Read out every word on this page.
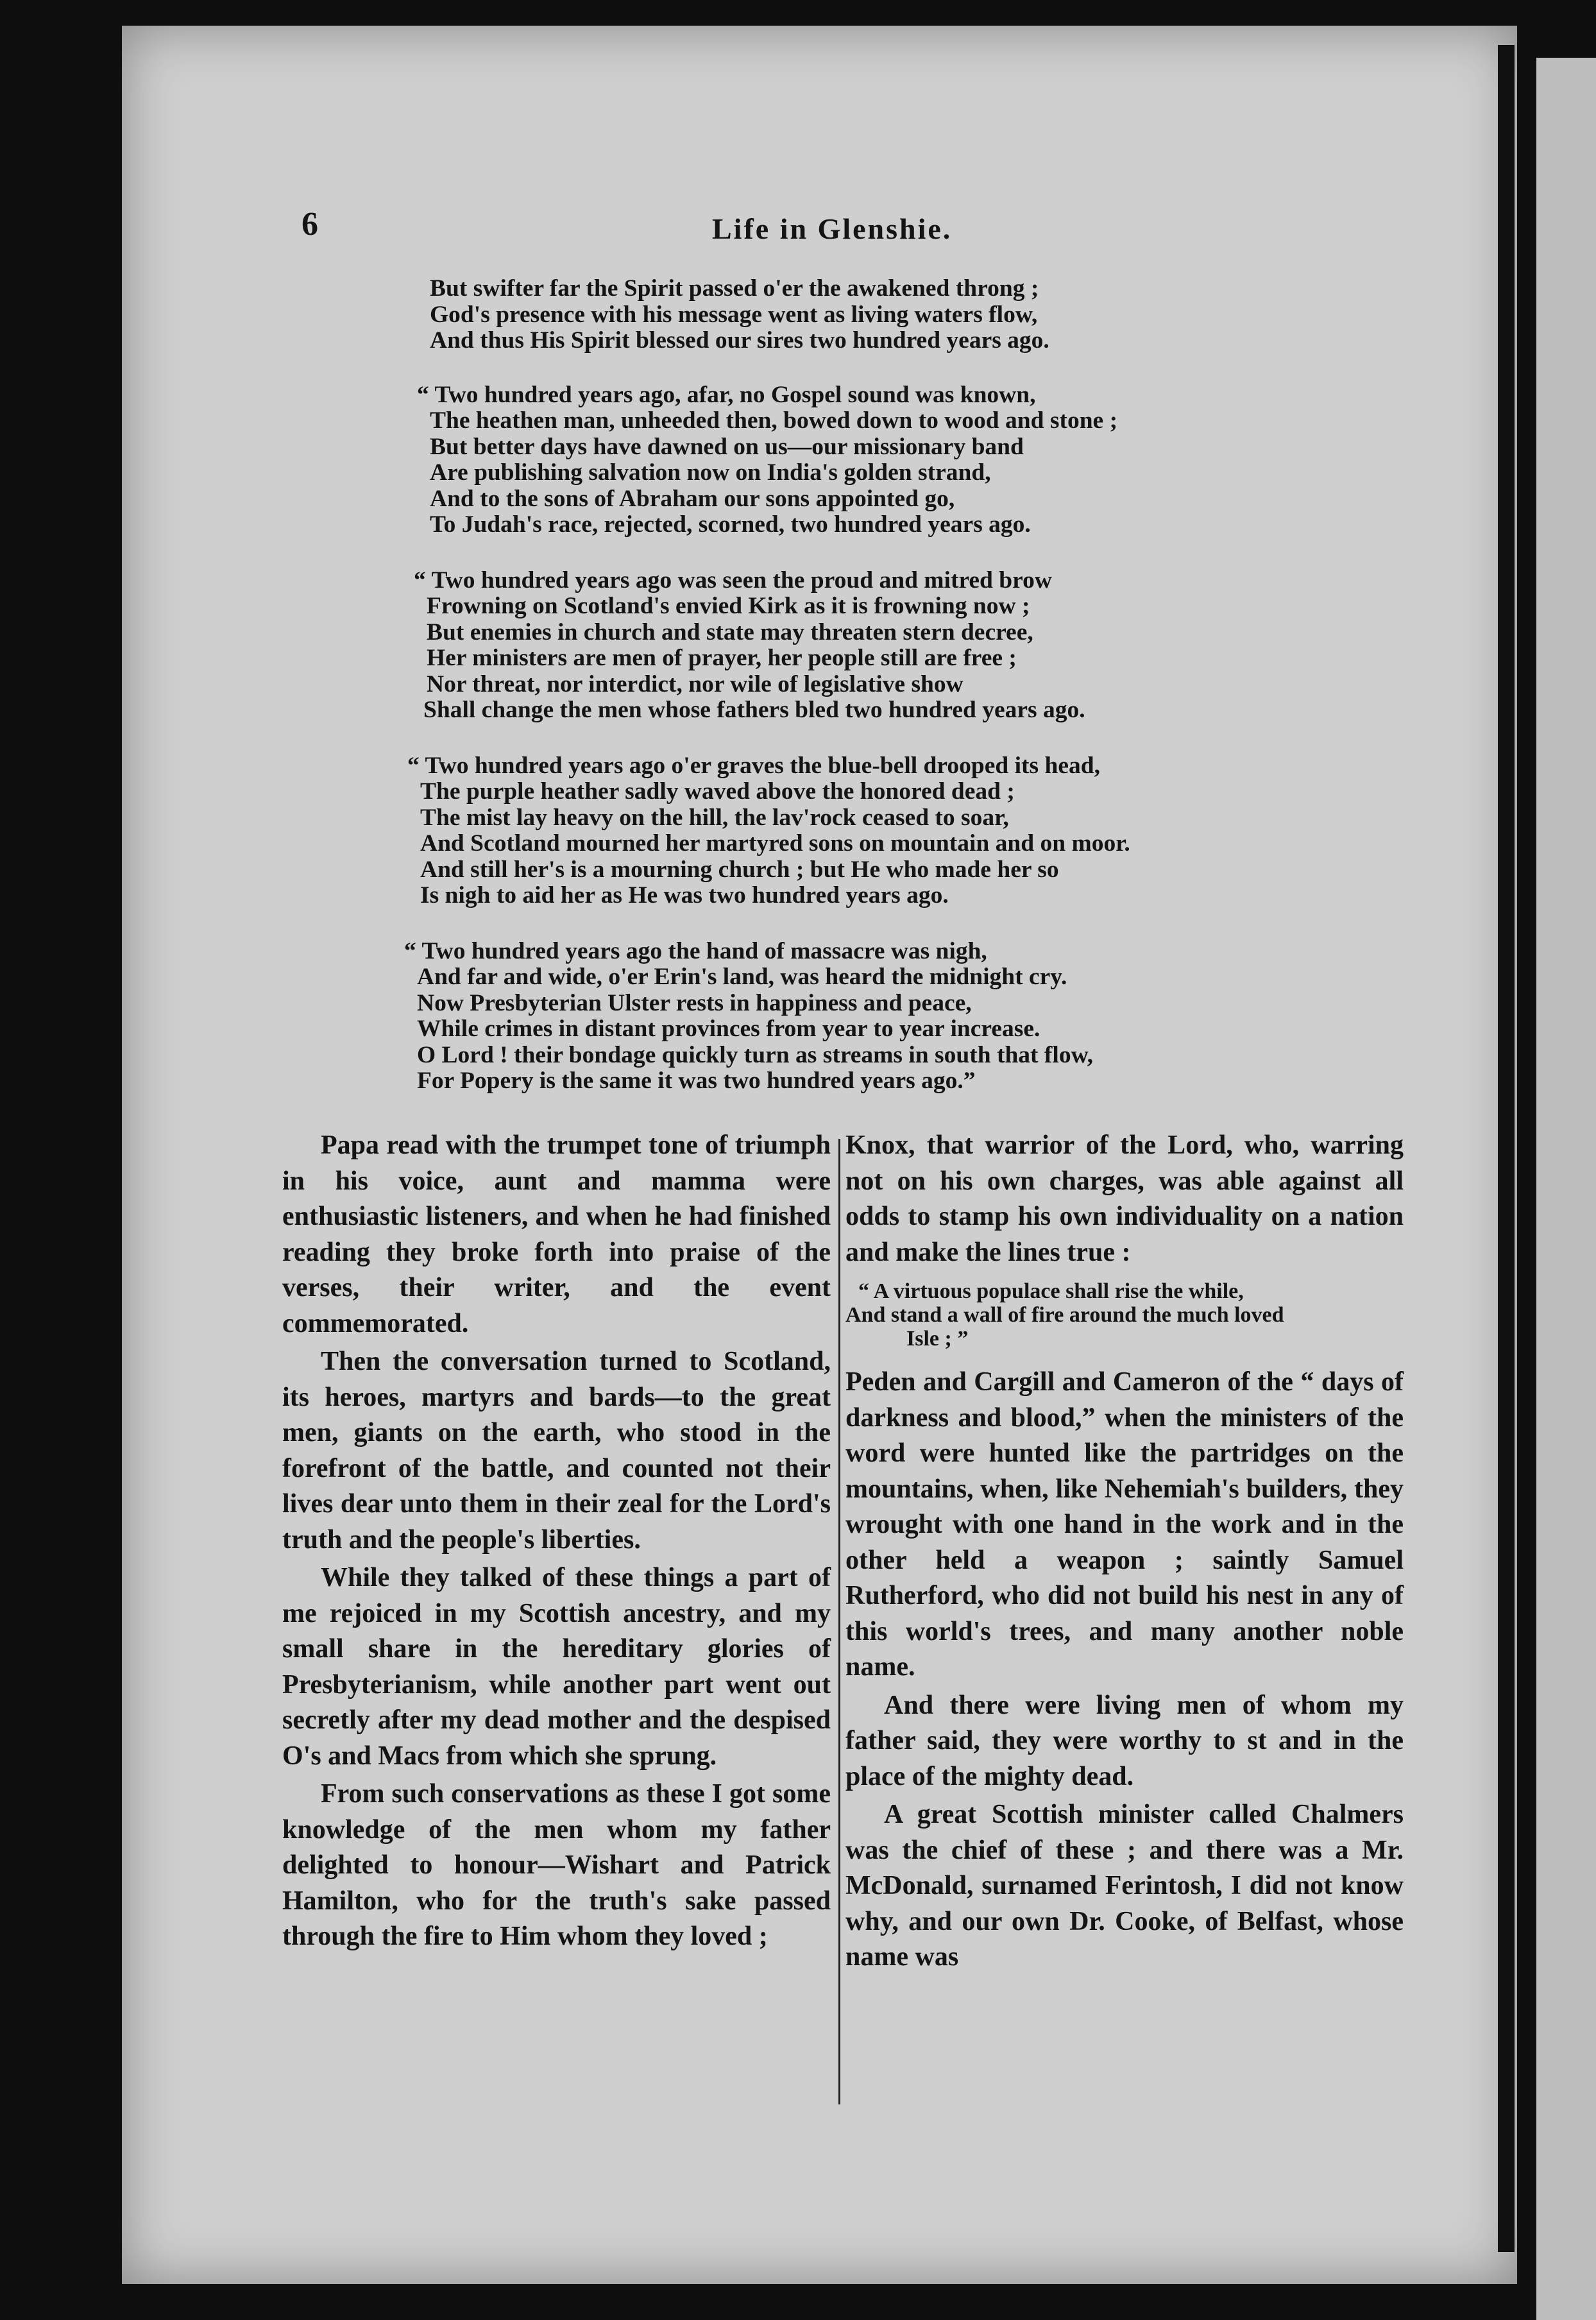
6	Life in Glenshie.
But swifter far the Spirit passed o'er the awakened throng ;
God's presence with his message went as living waters flow,
And thus His Spirit blessed our sires two hundred years ago.
“ Two hundred years ago, afar, no Gospel sound was known,
The heathen man, unheeded then, bowed down to wood and stone ;
But better days have dawned on us—our missionary band
Are publishing salvation now on India's golden strand,
And to the sons of Abraham our sons appointed go,
To Judah's race, rejected, scorned, two hundred years ago.
“ Two hundred years ago was seen the proud and mitred brow
Frowning on Scotland's envied Kirk as it is frowning now ;
But enemies in church and state may threaten stern decree,
Her ministers are men of prayer, her people still are free ;
Nor threat, nor interdict, nor wile of legislative show
Shall change the men whose fathers bled two hundred years ago.
“ Two hundred years ago o'er graves the blue-bell drooped its head,
The purple heather sadly waved above the honored dead ;
The mist lay heavy on the hill, the lav'rock ceased to soar,
And Scotland mourned her martyred sons on mountain and on moor.
And still her's is a mourning church ; but He who made her so
Is nigh to aid her as He was two hundred years ago.
“ Two hundred years ago the hand of massacre was nigh,
And far and wide, o'er Erin's land, was heard the midnight cry.
Now Presbyterian Ulster rests in happiness and peace,
While crimes in distant provinces from year to year increase.
O Lord ! their bondage quickly turn as streams in south that flow,
For Popery is the same it was two hundred years ago.”

Papa read with the trumpet tone of triumph in his voice, aunt and mamma were enthusiastic listeners, and when he had finished reading they broke forth into praise of the verses, their writer, and the event commemorated.

Then the conversation turned to Scotland, its heroes, martyrs and bards—to the great men, giants on the earth, who stood in the forefront of the battle, and counted not their lives dear unto them in their zeal for the Lord's truth and the people's liberties.

While they talked of these things a part of me rejoiced in my Scottish ancestry, and my small share in the hereditary glories of Presbyterianism, while another part went out secretly after my dead mother and the despised O's and Macs from which she sprung.

From such conservations as these I got some knowledge of the men whom my father delighted to honour—Wishart and Patrick Hamilton, who for the truth's sake passed through the fire to Him whom they loved ;

Knox, that warrior of the Lord, who, warring not on his own charges, was able against all odds to stamp his own individuality on a nation and make the lines true :

“ A virtuous populace shall rise the while,
And stand a wall of fire around the much loved
Isle ; ”

Peden and Cargill and Cameron of the “ days of darkness and blood,” when the ministers of the word were hunted like the partridges on the mountains, when, like Nehemiah's builders, they wrought with one hand in the work and in the other held a weapon ; saintly Samuel Rutherford, who did not build his nest in any of this world's trees, and many another noble name.

And there were living men of whom my father said, they were worthy to st and in the place of the mighty dead.

A great Scottish minister called Chalmers was the chief of these ; and there was a Mr. McDonald, surnamed Ferintosh, I did not know why, and our own Dr. Cooke, of Belfast, whose name was
